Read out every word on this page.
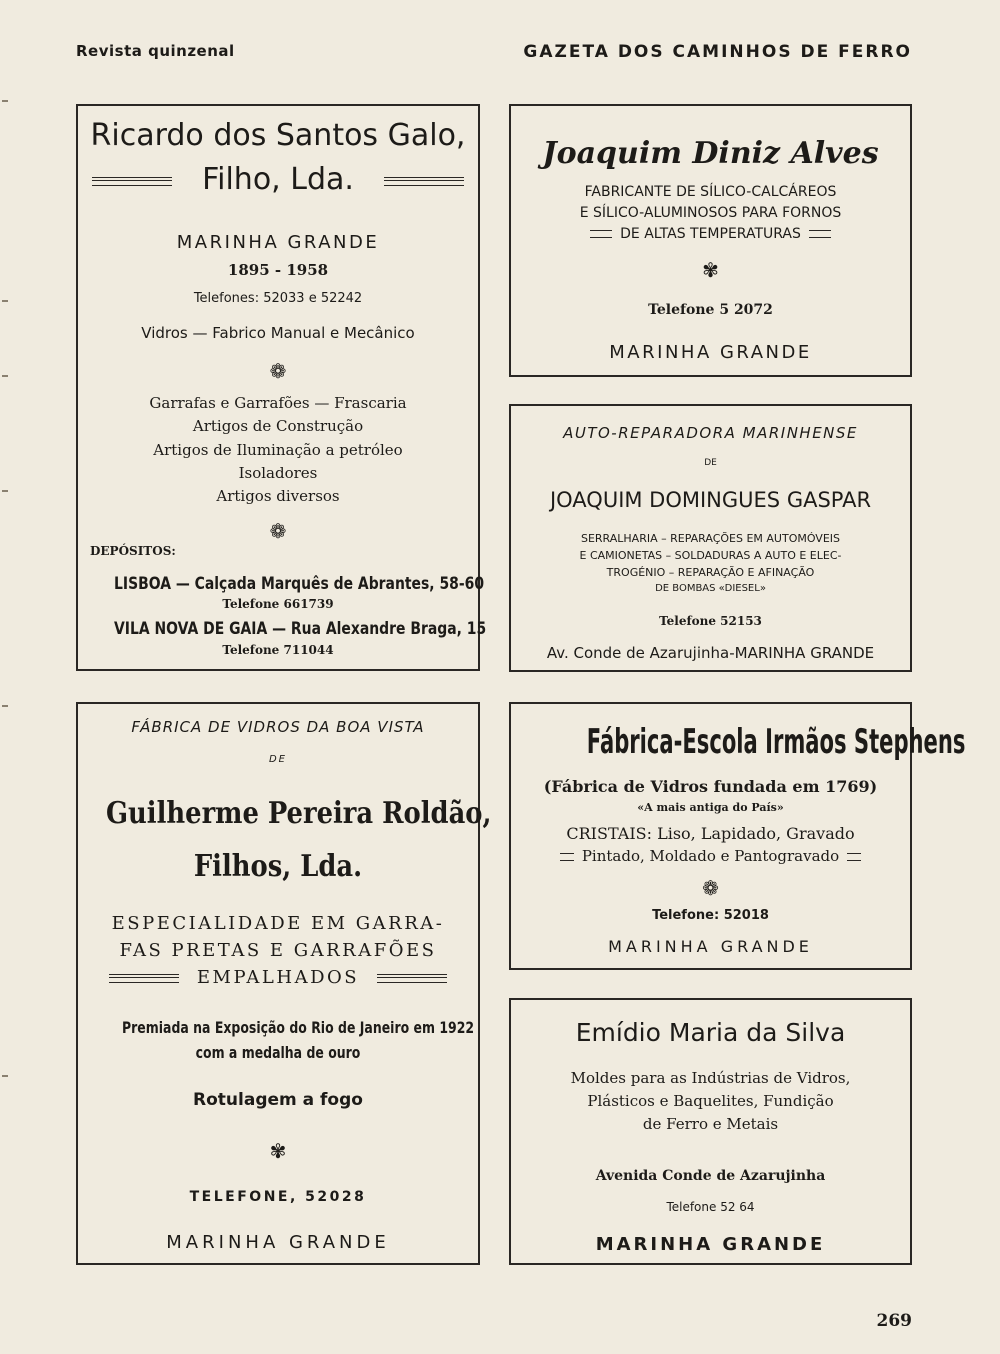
Revista quinzenal	GAZETA DOS CAMINHOS DE FERRO
Ricardo dos Santos Galo,
Filho, Lda.
MARINHA GRANDE
1895 - 1958
Telefones: 52033 e 52242
Vidros — Fabrico Manual e Mecânico
❁
Garrafas e Garrafões — Frascaria
Artigos de Construção
Artigos de Iluminação a petróleo
Isoladores
Artigos diversos
❁
DEPÓSITOS:
LISBOA — Calçada Marquês de Abrantes, 58-60
Telefone 661739
VILA NOVA DE GAIA — Rua Alexandre Braga, 15
Telefone 711044
Joaquim Diniz Alves
FABRICANTE DE SÍLICO-CALCÁREOS
E SÍLICO-ALUMINOSOS PARA FORNOS
DE ALTAS TEMPERATURAS
✾
Telefone 5 2072
MARINHA GRANDE
AUTO-REPARADORA MARINHENSE
DE
JOAQUIM DOMINGUES GASPAR
SERRALHARIA – REPARAÇÕES EM AUTOMÓVEIS
E CAMIONETAS – SOLDADURAS A AUTO E ELEC-
TROGÉNIO – REPARAÇÃO E AFINAÇÃO
DE BOMBAS «DIESEL»
Telefone 52153
Av. Conde de Azarujinha-MARINHA GRANDE
FÁBRICA DE VIDROS DA BOA VISTA
DE
Guilherme Pereira Roldão,
Filhos, Lda.
ESPECIALIDADE EM GARRA-
FAS PRETAS E GARRAFÕES
EMPALHADOS
Premiada na Exposição do Rio de Janeiro em 1922
com a medalha de ouro
Rotulagem a fogo
✾
TELEFONE, 52028
MARINHA GRANDE
Fábrica-Escola Irmãos Stephens
(Fábrica de Vidros fundada em 1769)
«A mais antiga do País»
CRISTAIS: Liso, Lapidado, Gravado
Pintado, Moldado e Pantogravado
❁
Telefone: 52018
MARINHA GRANDE
Emídio Maria da Silva
Moldes para as Indústrias de Vidros,
Plásticos e Baquelites, Fundição
de Ferro e Metais
Avenida Conde de Azarujinha
Telefone 52 64
MARINHA GRANDE
269
